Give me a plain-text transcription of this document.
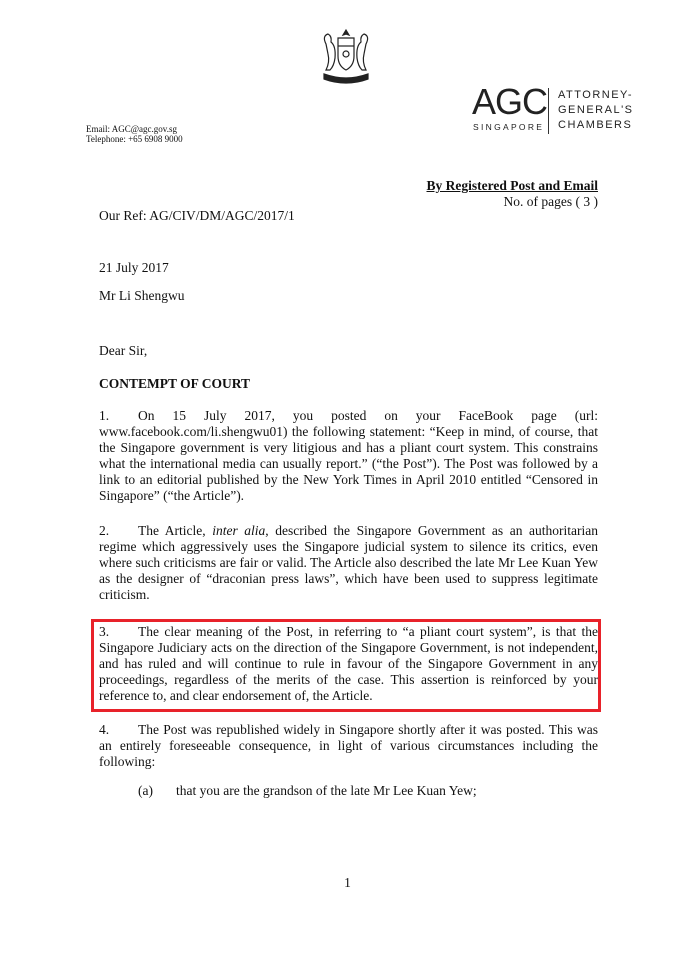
AGC
SINGAPORE
ATTORNEY-
GENERAL'S
CHAMBERS
Email: AGC@agc.gov.sg
Telephone: +65 6908 9000
By Registered Post and Email
No. of pages ( 3 )
Our Ref: AG/CIV/DM/AGC/2017/1
21 July 2017
Mr Li Shengwu
Dear Sir,
CONTEMPT OF COURT
1. On 15 July 2017, you posted on your FaceBook page (url: www.facebook.com/li.shengwu01) the following statement: “Keep in mind, of course, that the Singapore government is very litigious and has a pliant court system. This constrains what the international media can usually report.” (“the Post”). The Post was followed by a link to an editorial published by the New York Times in April 2010 entitled “Censored in Singapore” (“the Article”).
2. The Article, inter alia, described the Singapore Government as an authoritarian regime which aggressively uses the Singapore judicial system to silence its critics, even where such criticisms are fair or valid. The Article also described the late Mr Lee Kuan Yew as the designer of “draconian press laws”, which have been used to suppress legitimate criticism.
3. The clear meaning of the Post, in referring to “a pliant court system”, is that the Singapore Judiciary acts on the direction of the Singapore Government, is not independent, and has ruled and will continue to rule in favour of the Singapore Government in any proceedings, regardless of the merits of the case. This assertion is reinforced by your reference to, and clear endorsement of, the Article.
4. The Post was republished widely in Singapore shortly after it was posted. This was an entirely foreseeable consequence, in light of various circumstances including the following:
(a) that you are the grandson of the late Mr Lee Kuan Yew;
1
